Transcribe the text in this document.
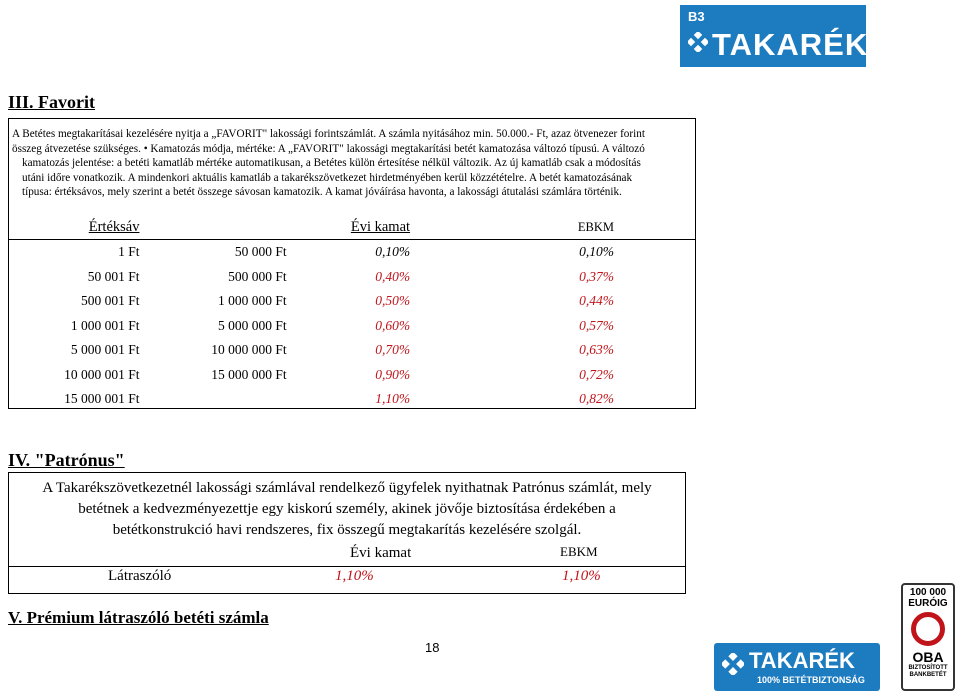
B3
TAKARÉK
III. Favorit

A Betétes megtakarításai kezelésére nyitja a „FAVORIT" lakossági forintszámlát. A számla nyitásához min. 50.000.- Ft, azaz ötvenezer forint

összeg átvezetése szükséges. • Kamatozás módja, mértéke: A „FAVORIT" lakossági megtakarítási betét kamatozása változó típusú. A változó

kamatozás jelentése: a betéti kamatláb mértéke automatikusan, a Betétes külön értesítése nélkül változik. Az új kamatláb csak a módosítás

utáni időre vonatkozik. A mindenkori aktuális kamatláb a takarékszövetkezet hirdetményében kerül közzétételre. A betét kamatozásának

típusa: értéksávos, mely szerint a betét összege sávosan kamatozik. A kamat jóváírása havonta, a lakossági átutalási számlára történik.

Értéksáv		Évi kamat	EBKM
1 Ft	50 000 Ft	0,10%	0,10%
50 001 Ft	500 000 Ft	0,40%	0,37%
500 001 Ft	1 000 000 Ft	0,50%	0,44%
1 000 001 Ft	5 000 000 Ft	0,60%	0,57%
5 000 001 Ft	10 000 000 Ft	0,70%	0,63%
10 000 001 Ft	15 000 000 Ft	0,90%	0,72%
15 000 001 Ft		1,10%	0,82%
IV. "Patrónus"
A Takarékszövetkezetnél lakossági számlával rendelkező ügyfelek nyithatnak Patrónus számlát, mely
betétnek a kedvezményezettje egy kiskorú személy, akinek jövője biztosítása érdekében a
betétkonstrukció havi rendszeres, fix összegű megtakarítás kezelésére szolgál.
Évi kamat	EBKM
Látraszóló	1,10%	1,10%
V. Prémium látraszóló betéti számla
18
TAKARÉK
100% BETÉTBIZTONSÁG
100 000
EURÓIG
OBA
BIZTOSÍTOTT
BANKBETÉT
